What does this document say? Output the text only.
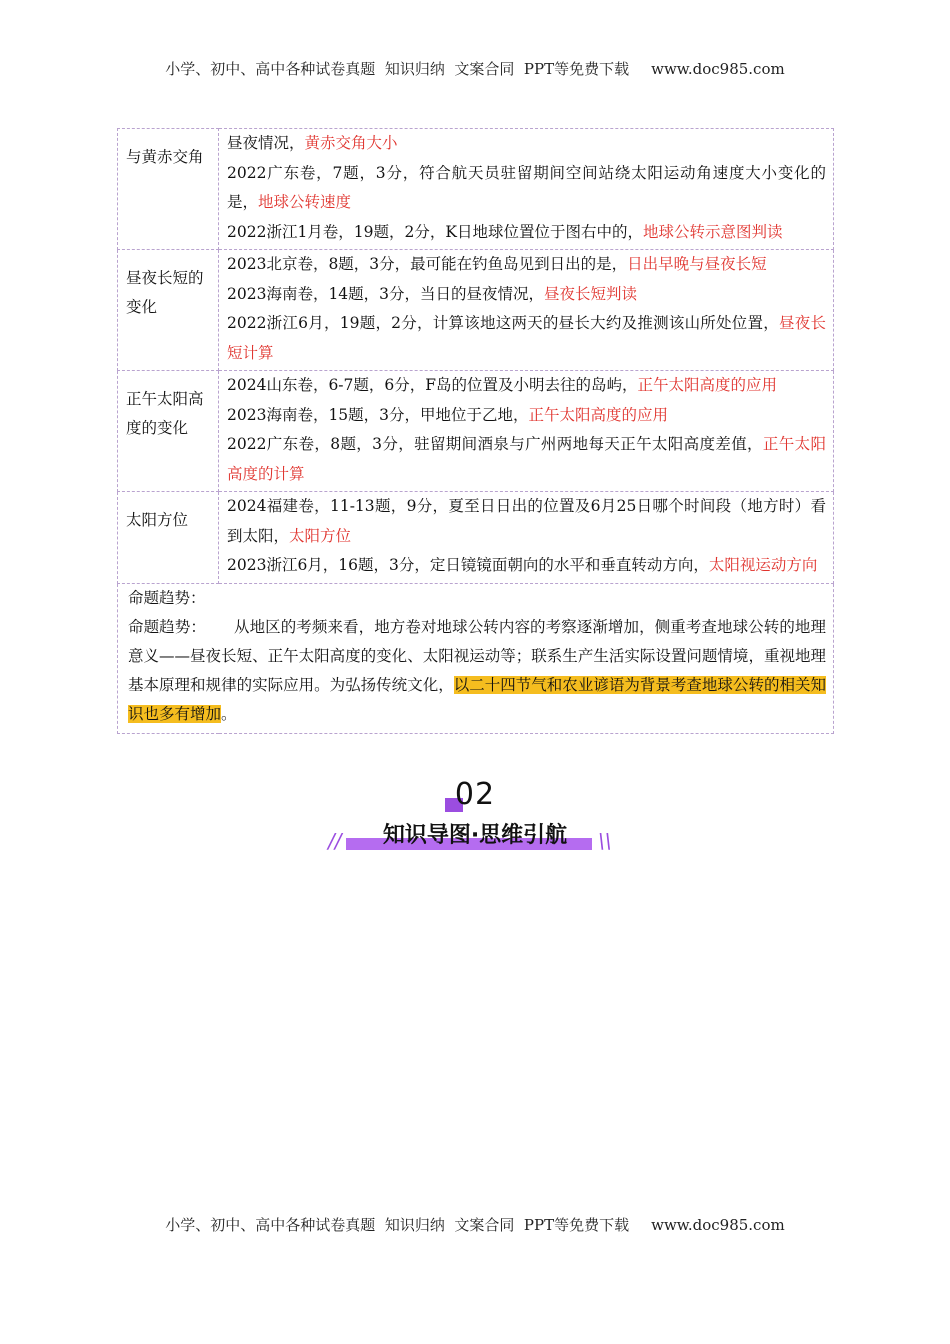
小学、初中、高中各种试卷真题  知识归纳  文案合同  PPT等免费下载 www.doc985.com
与黄赤交角	昼夜情况，黄赤交角大小
2022广东卷，7题，3分，符合航天员驻留期间空间站绕太阳运动角速度大小变化的是，地球公转速度
2022浙江1月卷，19题，2分，K日地球位置位于图右中的，地球公转示意图判读

昼夜长短的变化	2023北京卷，8题，3分，最可能在钓鱼岛见到日出的是，日出早晚与昼夜长短
2023海南卷，14题，3分，当日的昼夜情况，昼夜长短判读
2022浙江6月，19题，2分，计算该地这两天的昼长大约及推测该山所处位置，昼夜长短计算

正午太阳高度的变化	2024山东卷，6-7题，6分，F岛的位置及小明去往的岛屿，正午太阳高度的应用
2023海南卷，15题，3分，甲地位于乙地，正午太阳高度的应用
2022广东卷，8题，3分，驻留期间酒泉与广州两地每天正午太阳高度差值，正午太阳高度的计算

太阳方位	2024福建卷，11-13题，9分，夏至日日出的位置及6月25日哪个时间段（地方时）看到太阳，太阳方位
2023浙江6月，16题，3分，定日镜镜面朝向的水平和垂直转动方向，太阳视运动方向

命题趋势：
命题趋势： 从地区的考频来看，地方卷对地球公转内容的考察逐渐增加，侧重考查地球公转的地理意义——昼夜长短、正午太阳高度的变化、太阳视运动等；联系生产生活实际设置问题情境，重视地理基本原理和规律的实际应用。为弘扬传统文化，以二十四节气和农业谚语为背景考查地球公转的相关知识也多有增加。	
02
//	\\
知识导图·思维引航
小学、初中、高中各种试卷真题  知识归纳  文案合同  PPT等免费下载 www.doc985.com
